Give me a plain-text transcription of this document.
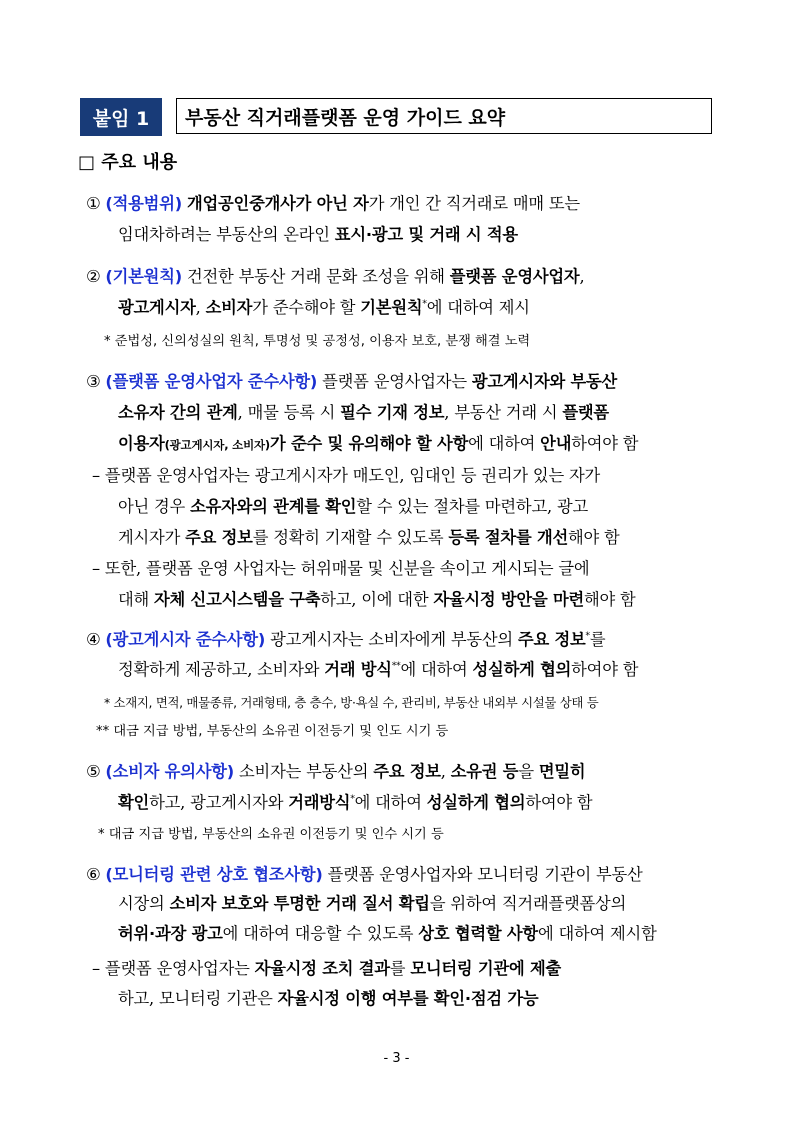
붙임 1	부동산 직거래플랫폼 운영 가이드 요약
□ 주요 내용
① (적용범위) 개업공인중개사가 아닌 자가 개인 간 직거래로 매매 또는
임대차하려는 부동산의 온라인 표시·광고 및 거래 시 적용
② (기본원칙) 건전한 부동산 거래 문화 조성을 위해 플랫폼 운영사업자,
광고게시자, 소비자가 준수해야 할 기본원칙*에 대하여 제시
* 준법성, 신의성실의 원칙, 투명성 및 공정성, 이용자 보호, 분쟁 해결 노력
③ (플랫폼 운영사업자 준수사항) 플랫폼 운영사업자는 광고게시자와 부동산
소유자 간의 관계, 매물 등록 시 필수 기재 정보, 부동산 거래 시 플랫폼
이용자(광고게시자, 소비자)가 준수 및 유의해야 할 사항에 대하여 안내하여야 함
– 플랫폼 운영사업자는 광고게시자가 매도인, 임대인 등 권리가 있는 자가
아닌 경우 소유자와의 관계를 확인할 수 있는 절차를 마련하고, 광고
게시자가 주요 정보를 정확히 기재할 수 있도록 등록 절차를 개선해야 함
– 또한, 플랫폼 운영 사업자는 허위매물 및 신분을 속이고 게시되는 글에
대해 자체 신고시스템을 구축하고, 이에 대한 자율시정 방안을 마련해야 함
④ (광고게시자 준수사항) 광고게시자는 소비자에게 부동산의 주요 정보*를
정확하게 제공하고, 소비자와 거래 방식**에 대하여 성실하게 협의하여야 함
* 소재지, 면적, 매물종류, 거래형태, 층 층수, 방·욕실 수, 관리비, 부동산 내외부 시설물 상태 등
** 대금 지급 방법, 부동산의 소유권 이전등기 및 인도 시기 등
⑤ (소비자 유의사항) 소비자는 부동산의 주요 정보, 소유권 등을 면밀히
확인하고, 광고게시자와 거래방식*에 대하여 성실하게 협의하여야 함
* 대금 지급 방법, 부동산의 소유권 이전등기 및 인수 시기 등
⑥ (모니터링 관련 상호 협조사항) 플랫폼 운영사업자와 모니터링 기관이 부동산
시장의 소비자 보호와 투명한 거래 질서 확립을 위하여 직거래플랫폼상의
허위·과장 광고에 대하여 대응할 수 있도록 상호 협력할 사항에 대하여 제시함
– 플랫폼 운영사업자는 자율시정 조치 결과를 모니터링 기관에 제출
하고, 모니터링 기관은 자율시정 이행 여부를 확인·점검 가능
- 3 -
